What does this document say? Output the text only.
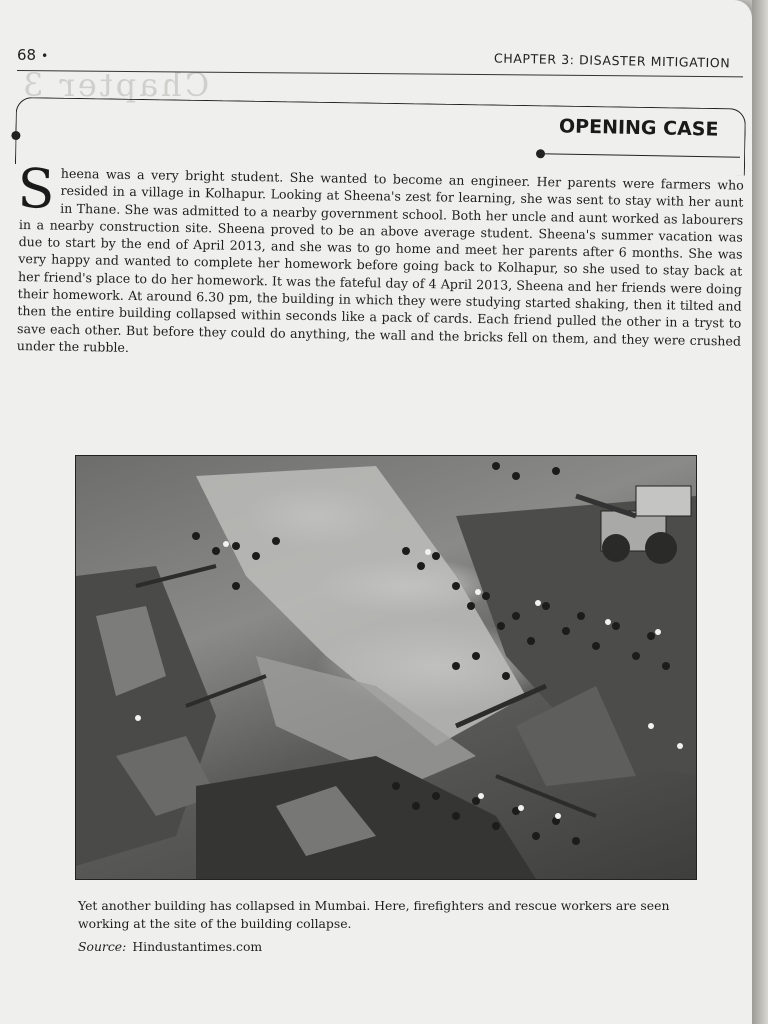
Chapter 3
68 •	CHAPTER 3: DISASTER MITIGATION
OPENING CASE
Sheena was a very bright student. She wanted to become an engineer. Her parents were farmers who resided in a village in Kolhapur. Looking at Sheena's zest for learning, she was sent to stay with her aunt in Thane. She was admitted to a nearby government school. Both her uncle and aunt worked as labourers in a nearby construction site. Sheena proved to be an above average student. Sheena's summer vacation was due to start by the end of April 2013, and she was to go home and meet her parents after 6 months. She was very happy and wanted to complete her homework before going back to Kolhapur, so she used to stay back at her friend's place to do her homework. It was the fateful day of 4 April 2013, Sheena and her friends were doing their homework. At around 6.30 pm, the building in which they were studying started shaking, then it tilted and then the entire building collapsed within seconds like a pack of cards. Each friend pulled the other in a tryst to save each other. But before they could do anything, the wall and the bricks fell on them, and they were crushed under the rubble.
Yet another building has collapsed in Mumbai. Here, firefighters and rescue workers are seen working at the site of the building collapse.
Source: Hindustantimes.com
